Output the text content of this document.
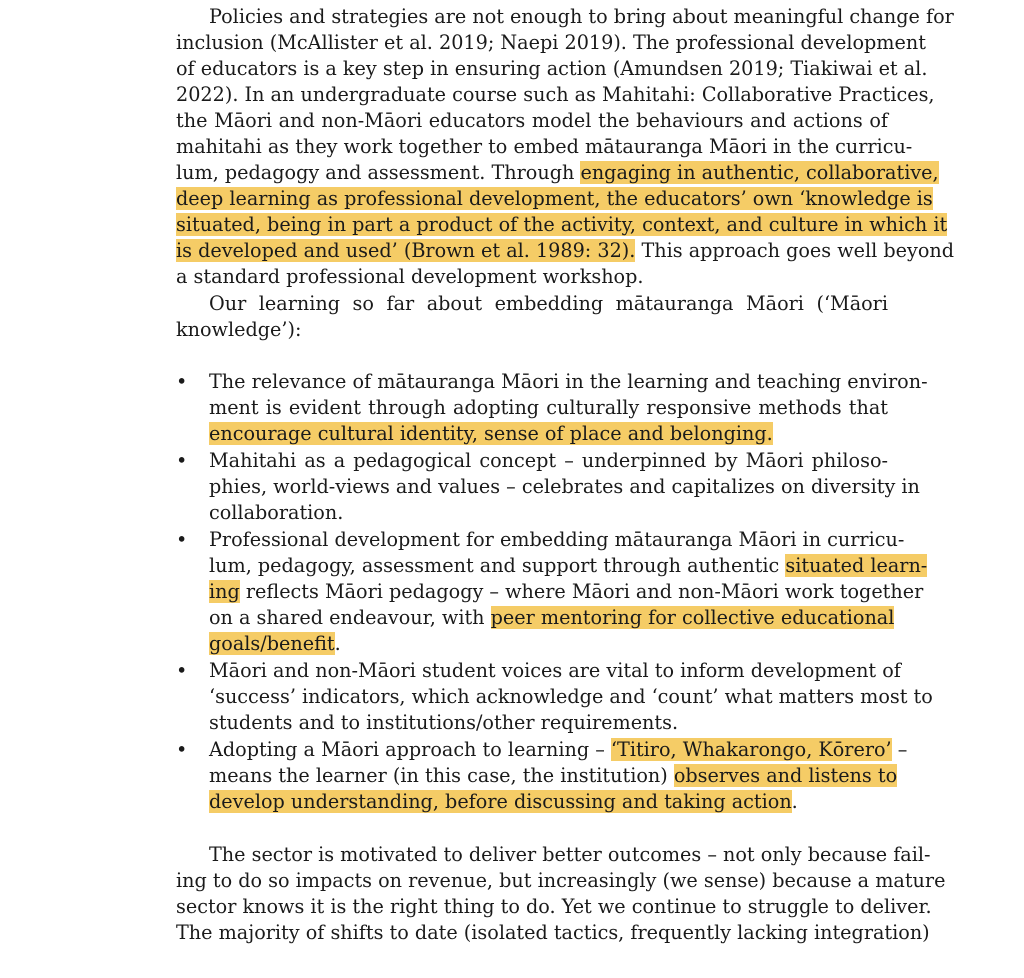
Policies and strategies are not enough to bring about meaningful change for
inclusion (McAllister et al. 2019; Naepi 2019). The professional development
of educators is a key step in ensuring action (Amundsen 2019; Tiakiwai et al.
2022). In an undergraduate course such as Mahitahi: Collaborative Practices,
the Māori and non-Māori educators model the behaviours and actions of
mahitahi as they work together to embed mātauranga Māori in the curricu-
lum, pedagogy and assessment. Through engaging in authentic, collaborative,
deep learning as professional development, the educators’ own ‘knowledge is
situated, being in part a product of the activity, context, and culture in which it
is developed and used’ (Brown et al. 1989: 32). This approach goes well beyond
a standard professional development workshop.
Our learning so far about embedding mātauranga Māori (‘Māori
knowledge’):
• The relevance of mātauranga Māori in the learning and teaching environ-
ment is evident through adopting culturally responsive methods that
encourage cultural identity, sense of place and belonging.
• Mahitahi as a pedagogical concept – underpinned by Māori philoso-
phies, world-views and values – celebrates and capitalizes on diversity in
collaboration.
• Professional development for embedding mātauranga Māori in curricu-
lum, pedagogy, assessment and support through authentic situated learn-
ing reflects Māori pedagogy – where Māori and non-Māori work together
on a shared endeavour, with peer mentoring for collective educational
goals/benefit.
• Māori and non-Māori student voices are vital to inform development of
‘success’ indicators, which acknowledge and ‘count’ what matters most to
students and to institutions/other requirements.
• Adopting a Māori approach to learning – ‘Titiro, Whakarongo, Kōrero’ –
means the learner (in this case, the institution) observes and listens to
develop understanding, before discussing and taking action.
The sector is motivated to deliver better outcomes – not only because fail-
ing to do so impacts on revenue, but increasingly (we sense) because a mature
sector knows it is the right thing to do. Yet we continue to struggle to deliver.
The majority of shifts to date (isolated tactics, frequently lacking integration)
